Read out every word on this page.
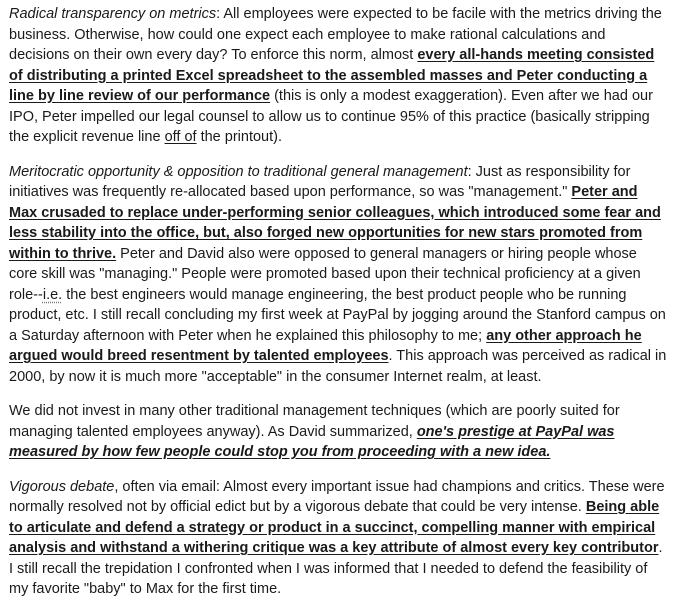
Radical transparency on metrics: All employees were expected to be facile with the metrics driving the business. Otherwise, how could one expect each employee to make rational calculations and decisions on their own every day? To enforce this norm, almost every all-hands meeting consisted of distributing a printed Excel spreadsheet to the assembled masses and Peter conducting a line by line review of our performance (this is only a modest exaggeration). Even after we had our IPO, Peter impelled our legal counsel to allow us to continue 95% of this practice (basically stripping the explicit revenue line off of the printout).

Meritocratic opportunity & opposition to traditional general management: Just as responsibility for initiatives was frequently re-allocated based upon performance, so was "management." Peter and Max crusaded to replace under-performing senior colleagues, which introduced some fear and less stability into the office, but, also forged new opportunities for new stars promoted from within to thrive. Peter and David also were opposed to general managers or hiring people whose core skill was "managing." People were promoted based upon their technical proficiency at a given role--i.e. the best engineers would manage engineering, the best product people who be running product, etc. I still recall concluding my first week at PayPal by jogging around the Stanford campus on a Saturday afternoon with Peter when he explained this philosophy to me; any other approach he argued would breed resentment by talented employees. This approach was perceived as radical in 2000, by now it is much more "acceptable" in the consumer Internet realm, at least.

We did not invest in many other traditional management techniques (which are poorly suited for managing talented employees anyway). As David summarized, one's prestige at PayPal was measured by how few people could stop you from proceeding with a new idea.

Vigorous debate, often via email: Almost every important issue had champions and critics. These were normally resolved not by official edict but by a vigorous debate that could be very intense. Being able to articulate and defend a strategy or product in a succinct, compelling manner with empirical analysis and withstand a withering critique was a key attribute of almost every key contributor. I still recall the trepidation I confronted when I was informed that I needed to defend the feasibility of my favorite "baby" to Max for the first time.
